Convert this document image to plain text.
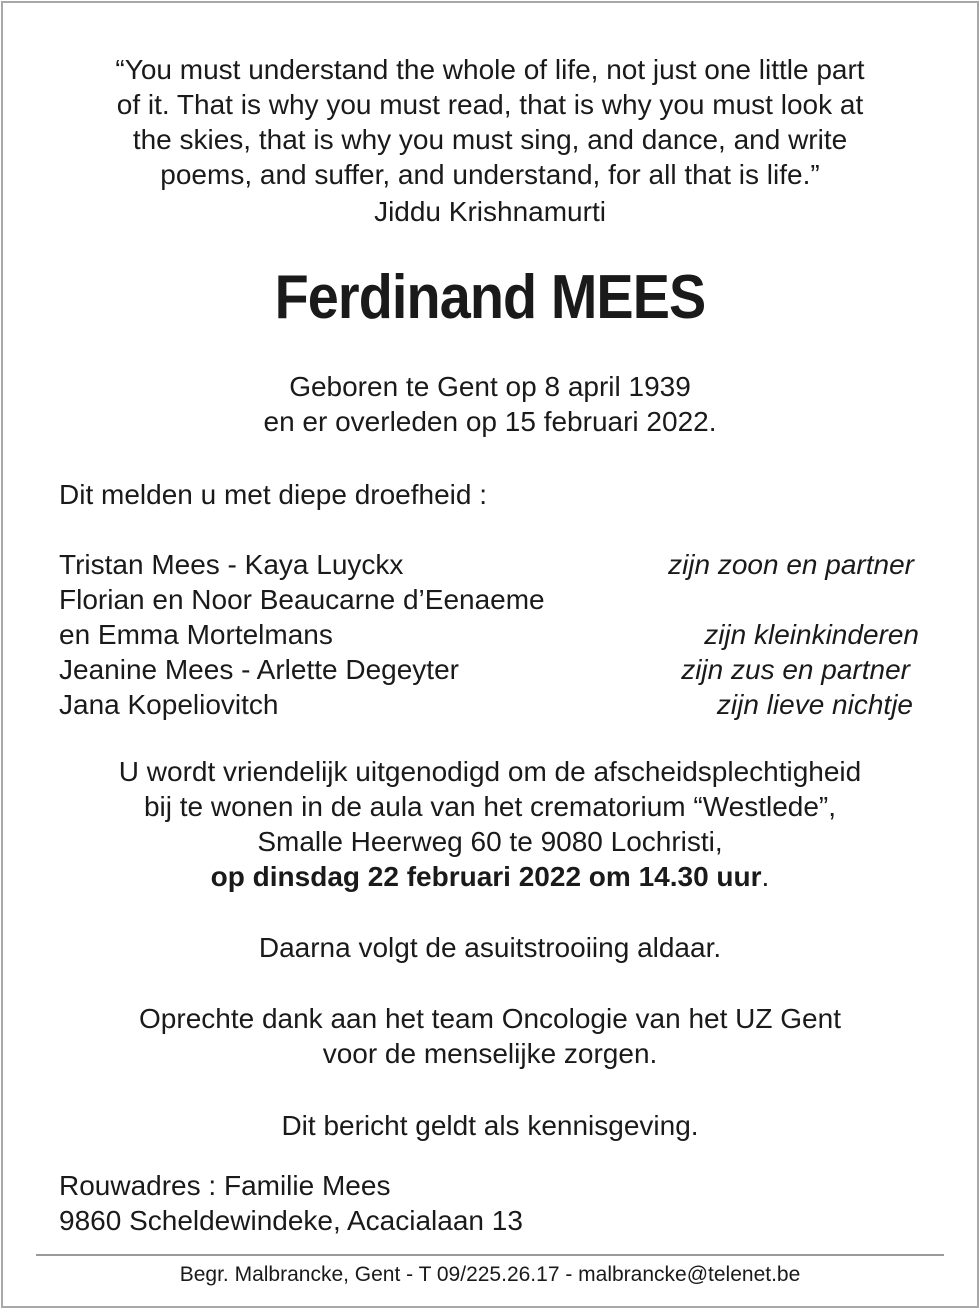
“You must understand the whole of life, not just one little part
of it. That is why you must read, that is why you must look at
the skies, that is why you must sing, and dance, and write
poems, and suffer, and understand, for all that is life.”
Jiddu Krishnamurti
Ferdinand MEES
Geboren te Gent op 8 april 1939
en er overleden op 15 februari 2022.
Dit melden u met diepe droefheid :
Tristan Mees - Kaya Luyckx	zijn zoon en partner
Florian en Noor Beaucarne d’Eenaeme
en Emma Mortelmans	zijn kleinkinderen
Jeanine Mees - Arlette Degeyter	zijn zus en partner
Jana Kopeliovitch	zijn lieve nichtje
U wordt vriendelijk uitgenodigd om de afscheidsplechtigheid
bij te wonen in de aula van het crematorium “Westlede”,
Smalle Heerweg 60 te 9080 Lochristi,
op dinsdag 22 februari 2022 om 14.30 uur.
Daarna volgt de asuitstrooiing aldaar.
Oprechte dank aan het team Oncologie van het UZ Gent
voor de menselijke zorgen.
Dit bericht geldt als kennisgeving.
Rouwadres : Familie Mees
9860 Scheldewindeke, Acacialaan 13
Begr. Malbrancke, Gent - T 09/225.26.17 - malbrancke@telenet.be
